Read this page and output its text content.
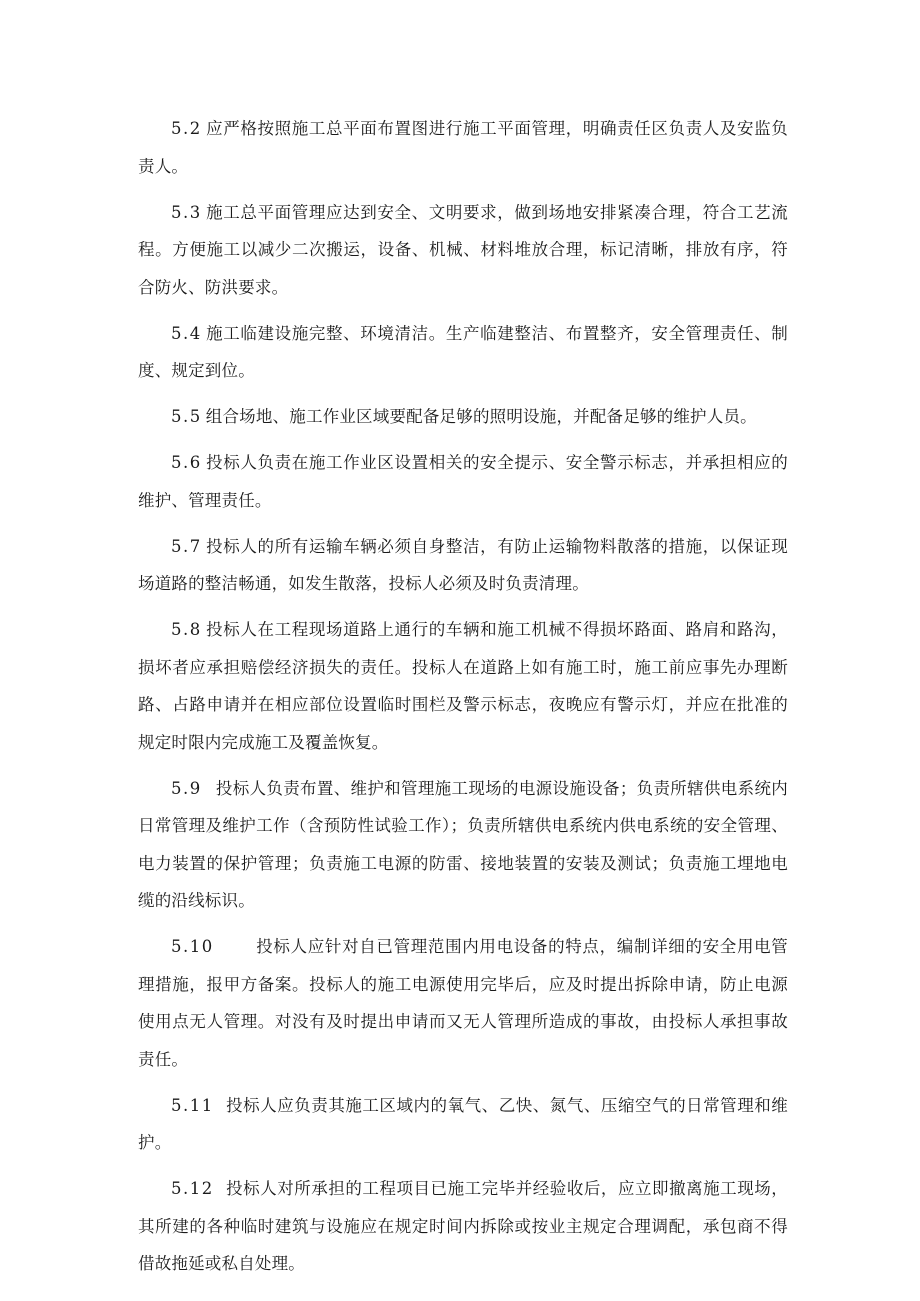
5.2 应严格按照施工总平面布置图进行施工平面管理，明确责任区负责人及安监负责人。

5.3 施工总平面管理应达到安全、文明要求，做到场地安排紧凑合理，符合工艺流程。方便施工以减少二次搬运，设备、机械、材料堆放合理，标记清晰，排放有序，符合防火、防洪要求。

5.4 施工临建设施完整、环境清洁。生产临建整洁、布置整齐，安全管理责任、制度、规定到位。

5.5 组合场地、施工作业区域要配备足够的照明设施，并配备足够的维护人员。

5.6 投标人负责在施工作业区设置相关的安全提示、安全警示标志，并承担相应的维护、管理责任。

5.7 投标人的所有运输车辆必须自身整洁，有防止运输物料散落的措施，以保证现场道路的整洁畅通，如发生散落，投标人必须及时负责清理。

5.8 投标人在工程现场道路上通行的车辆和施工机械不得损坏路面、路肩和路沟，损坏者应承担赔偿经济损失的责任。投标人在道路上如有施工时，施工前应事先办理断路、占路申请并在相应部位设置临时围栏及警示标志，夜晚应有警示灯，并应在批准的规定时限内完成施工及覆盖恢复。

5.9 投标人负责布置、维护和管理施工现场的电源设施设备；负责所辖供电系统内日常管理及维护工作（含预防性试验工作）；负责所辖供电系统内供电系统的安全管理、电力装置的保护管理；负责施工电源的防雷、接地装置的安装及测试；负责施工埋地电缆的沿线标识。

5.10	投标人应针对自已管理范围内用电设备的特点，编制详细的安全用电管理措施，报甲方备案。投标人的施工电源使用完毕后，应及时提出拆除申请，防止电源使用点无人管理。对没有及时提出申请而又无人管理所造成的事故，由投标人承担事故责任。

5.11 投标人应负责其施工区域内的氧气、乙快、氮气、压缩空气的日常管理和维护。

5.12 投标人对所承担的工程项目已施工完毕并经验收后，应立即撤离施工现场，其所建的各种临时建筑与设施应在规定时间内拆除或按业主规定合理调配，承包商不得借故拖延或私自处理。
